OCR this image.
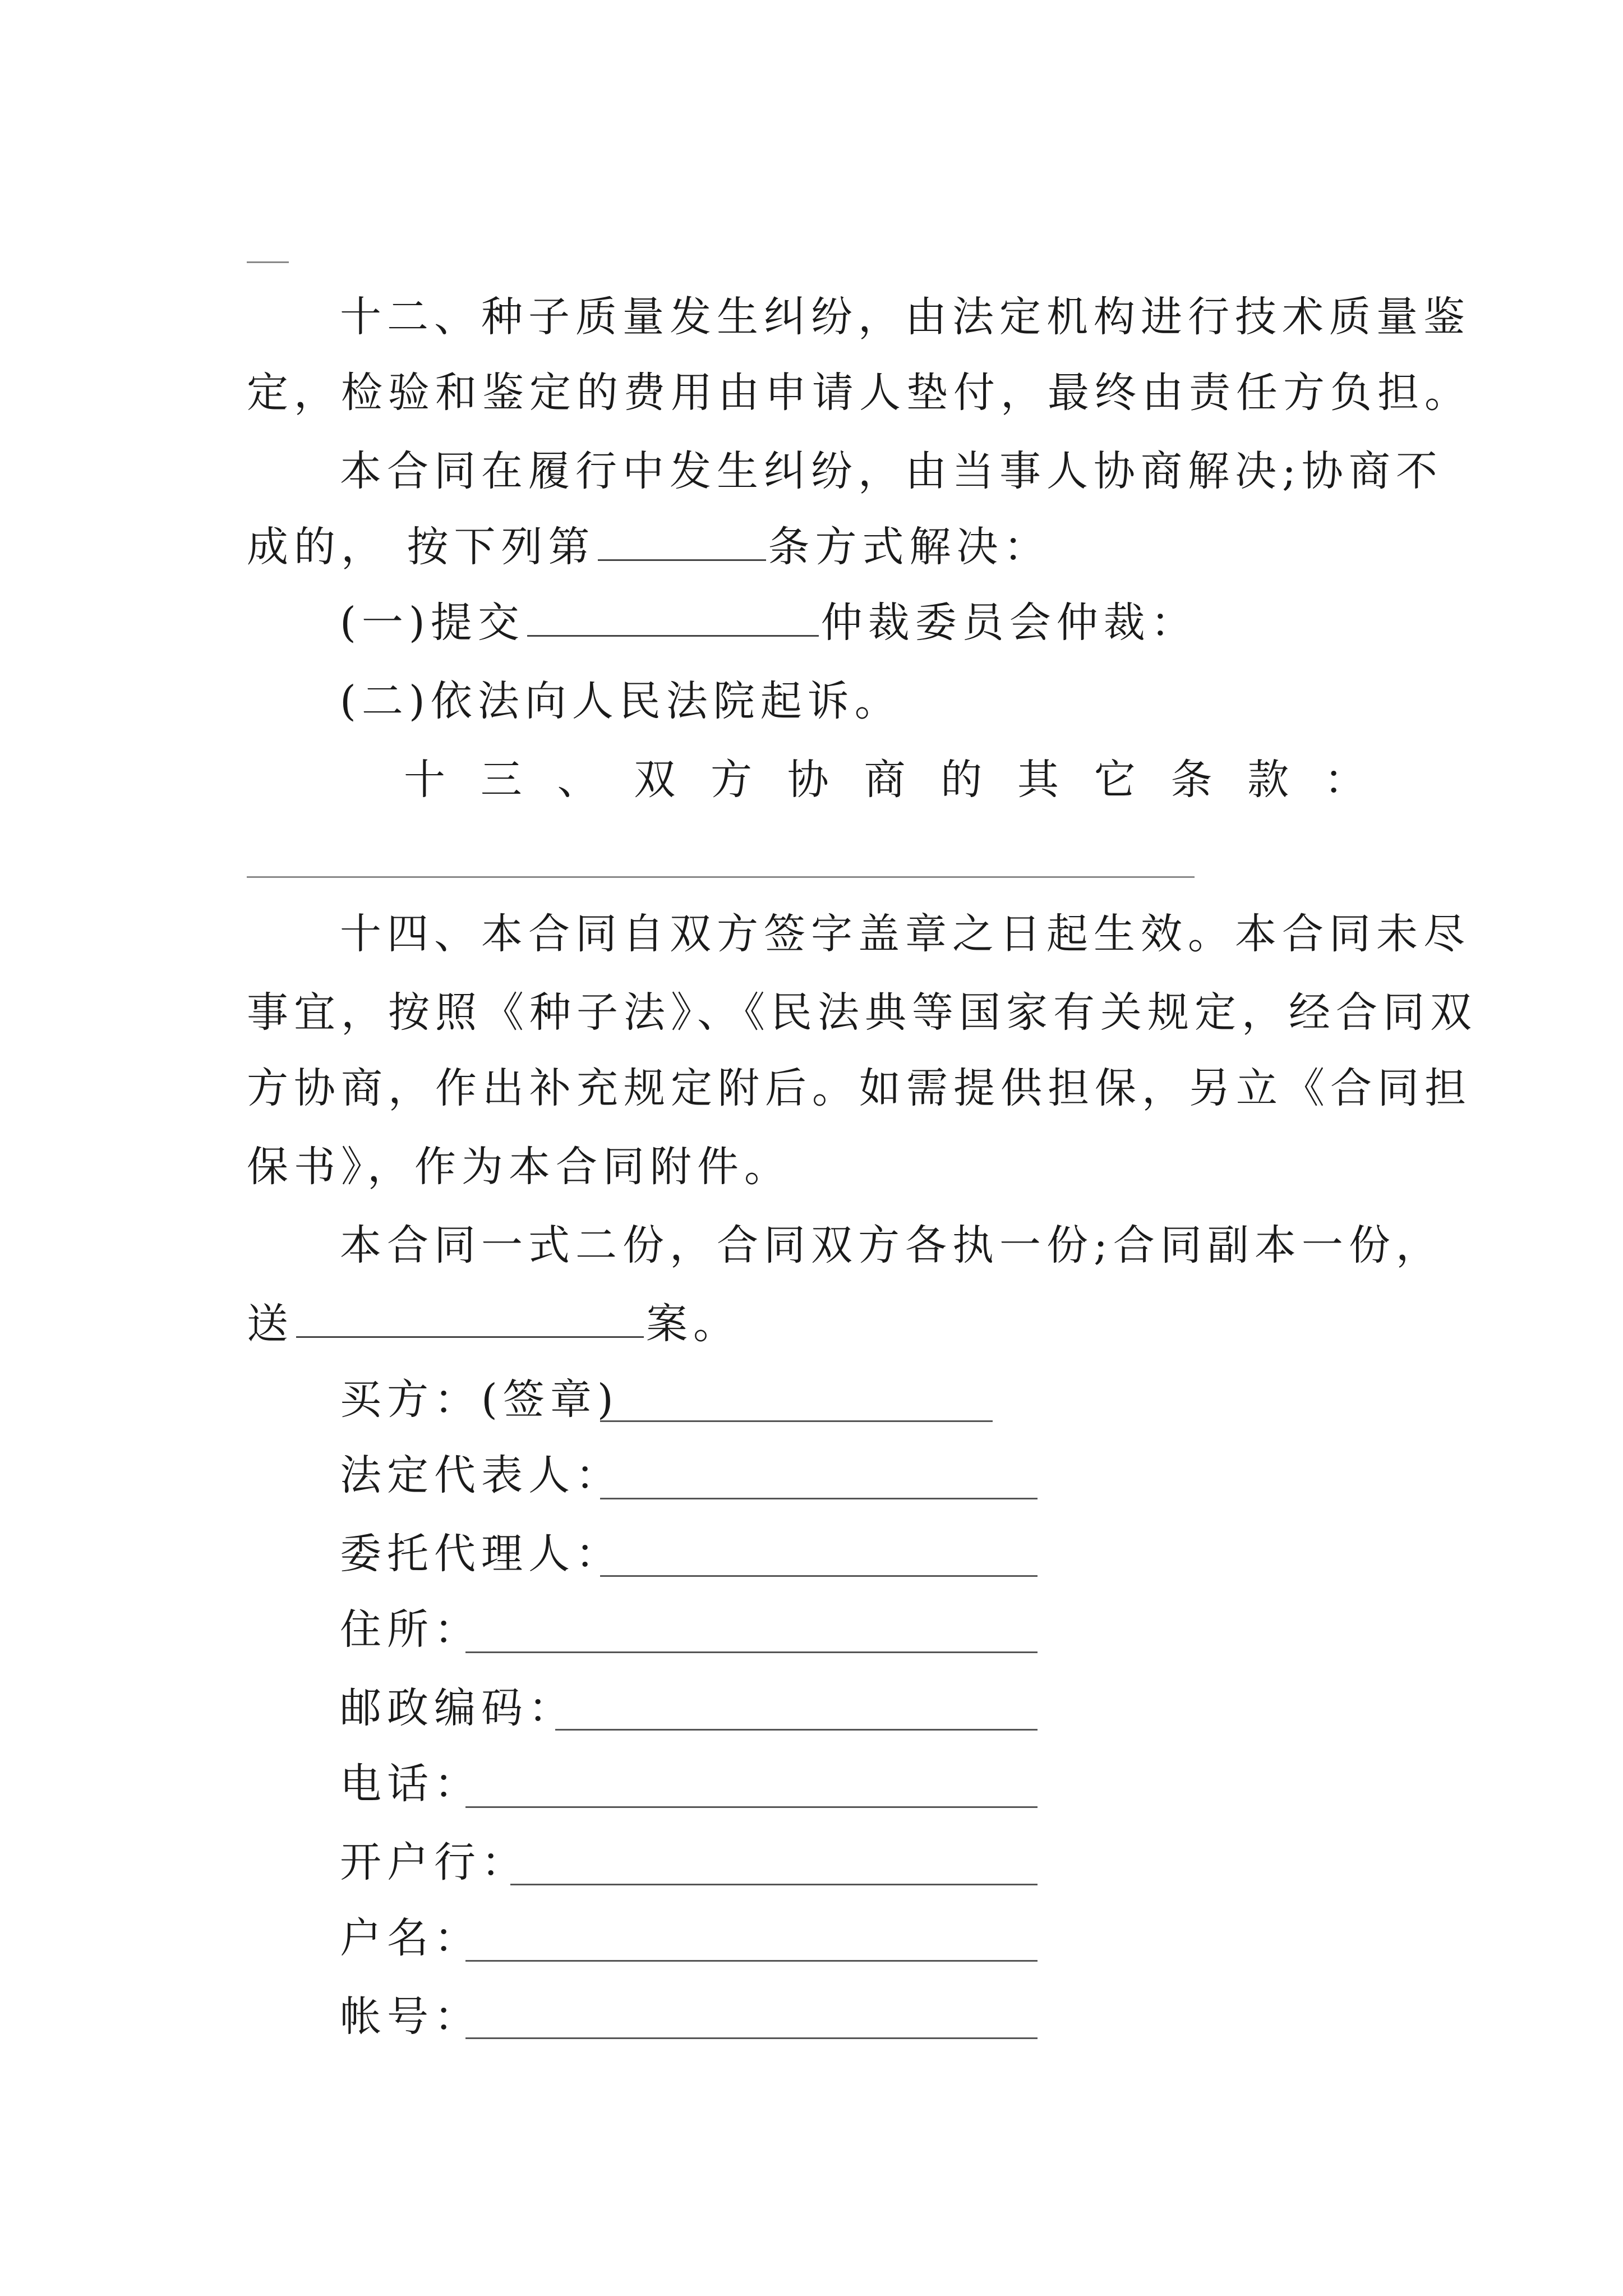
十二、种子质量发生纠纷，由法定机构进行技术质量鉴
定，检验和鉴定的费用由申请人垫付，最终由责任方负担。
本合同在履行中发生纠纷，由当事人协商解决;协商不
成的， 按下列第	条方式解决：
(一)提交	仲裁委员会仲裁：
(二)依法向人民法院起诉。
十 三 、 双 方 协 商 的 其 它 条 款 ：
十四、本合同自双方签字盖章之日起生效。本合同未尽
事宜，按照《种子法》、《民法典等国家有关规定，经合同双
方协商，作出补充规定附后。如需提供担保，另立《合同担
保书》，作为本合同附件。
本合同一式二份，合同双方各执一份;合同副本一份，
送	案。
买方：(签章)
法定代表人：
委托代理人：
住所：
邮政编码：
电话：
开户行：
户名：
帐号：
